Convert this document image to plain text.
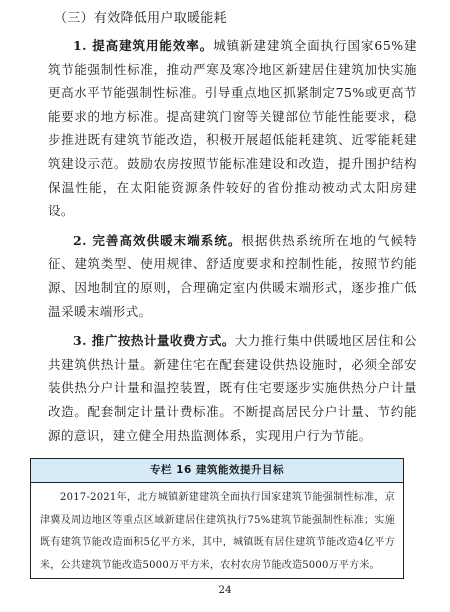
（三）有效降低用户取暖能耗

1. 提高建筑用能效率。城镇新建建筑全面执行国家65%建筑节能强制性标准，推动严寒及寒冷地区新建居住建筑加快实施更高水平节能强制性标准。引导重点地区抓紧制定75%或更高节能要求的地方标准。提高建筑门窗等关键部位节能性能要求，稳步推进既有建筑节能改造，积极开展超低能耗建筑、近零能耗建筑建设示范。鼓励农房按照节能标准建设和改造，提升围护结构保温性能，在太阳能资源条件较好的省份推动被动式太阳房建设。

2. 完善高效供暖末端系统。根据供热系统所在地的气候特征、建筑类型、使用规律、舒适度要求和控制性能，按照节约能源、因地制宜的原则，合理确定室内供暖末端形式，逐步推广低温采暖末端形式。

3. 推广按热计量收费方式。大力推行集中供暖地区居住和公共建筑供热计量。新建住宅在配套建设供热设施时，必须全部安装供热分户计量和温控装置，既有住宅要逐步实施供热分户计量改造。配套制定计量计费标准。不断提高居民分户计量、节约能源的意识，建立健全用热监测体系，实现用户行为节能。

专栏 16 建筑能效提升目标
2017-2021年，北方城镇新建建筑全面执行国家建筑节能强制性标准，京津冀及周边地区等重点区域新建居住建筑执行75%建筑节能强制性标准；实施既有建筑节能改造面积5亿平方米，其中，城镇既有居住建筑节能改造4亿平方米，公共建筑节能改造5000万平方米，农村农房节能改造5000万平方米。
24
